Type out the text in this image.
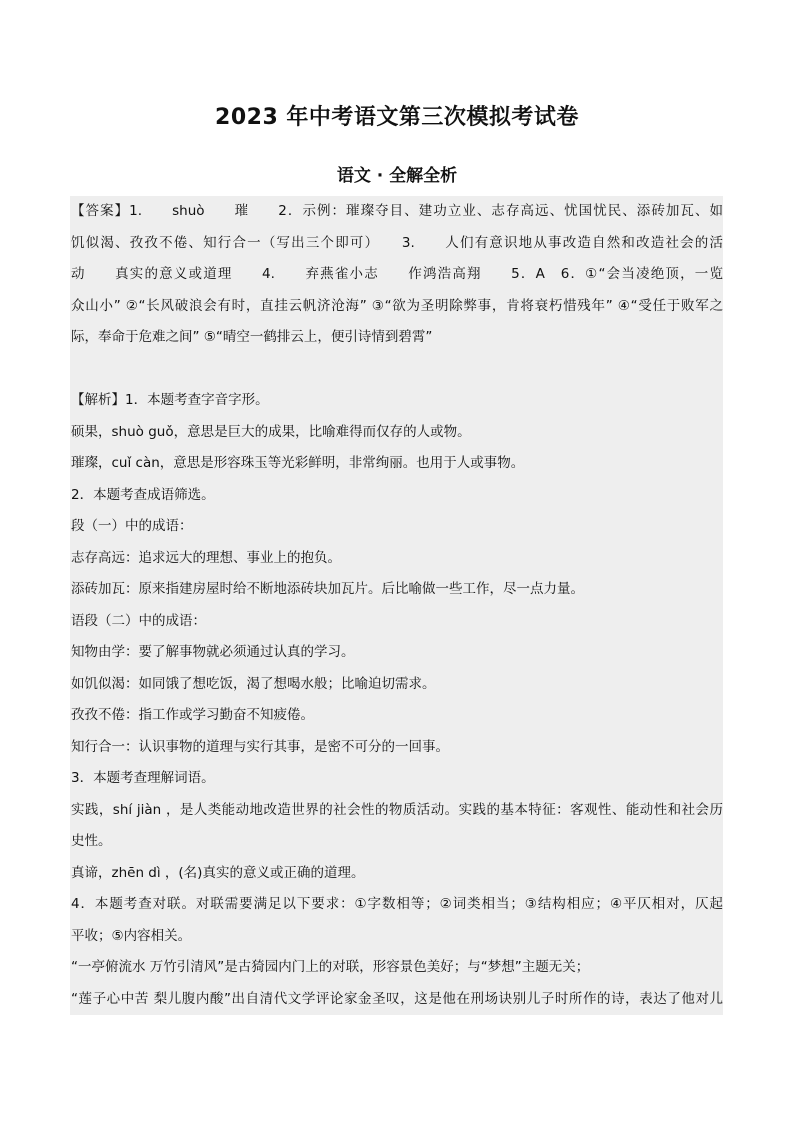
2023 年中考语文第三次模拟考试卷
语文 · 全解全析
【答案】1.　　shuò　　璀　　2．示例：璀璨夺目、建功立业、志存高远、忧国忧民、添砖加瓦、如
饥似渴、孜孜不倦、知行合一（写出三个即可）　　3.　　人们有意识地从事改造自然和改造社会的活
动　　真实的意义或道理　　4.　　弃燕雀小志　　作鸿浩高翔　　5．A　6．①“会当凌绝顶，一览
众山小” ②“长风破浪会有时，直挂云帆济沧海” ③“欲为圣明除弊事，肯将衰朽惜残年” ④“受任于败军之
际，奉命于危难之间” ⑤“晴空一鹤排云上，便引诗情到碧霄”
【解析】1．本题考查字音字形。
硕果，shuò guǒ，意思是巨大的成果，比喻难得而仅存的人或物。
璀璨，cuǐ càn，意思是形容珠玉等光彩鲜明，非常绚丽。也用于人或事物。
2．本题考查成语筛选。
段（一）中的成语：
志存高远：追求远大的理想、事业上的抱负。
添砖加瓦：原来指建房屋时给不断地添砖块加瓦片。后比喻做一些工作，尽一点力量。
语段（二）中的成语：
知物由学：要了解事物就必须通过认真的学习。
如饥似渴：如同饿了想吃饭，渴了想喝水般；比喻迫切需求。
孜孜不倦：指工作或学习勤奋不知疲倦。
知行合一：认识事物的道理与实行其事，是密不可分的一回事。
3．本题考查理解词语。
实践，shí jiàn ，是人类能动地改造世界的社会性的物质活动。实践的基本特征：客观性、能动性和社会历
史性。
真谛，zhēn dì ，(名)真实的意义或正确的道理。
4．本题考查对联。对联需要满足以下要求：①字数相等；②词类相当；③结构相应；④平仄相对，仄起
平收；⑤内容相关。
“一亭俯流水 万竹引清风”是古猗园内门上的对联，形容景色美好；与“梦想”主题无关；
“莲子心中苦 梨儿腹内酸”出自清代文学评论家金圣叹，这是他在刑场诀别儿子时所作的诗，表达了他对儿
